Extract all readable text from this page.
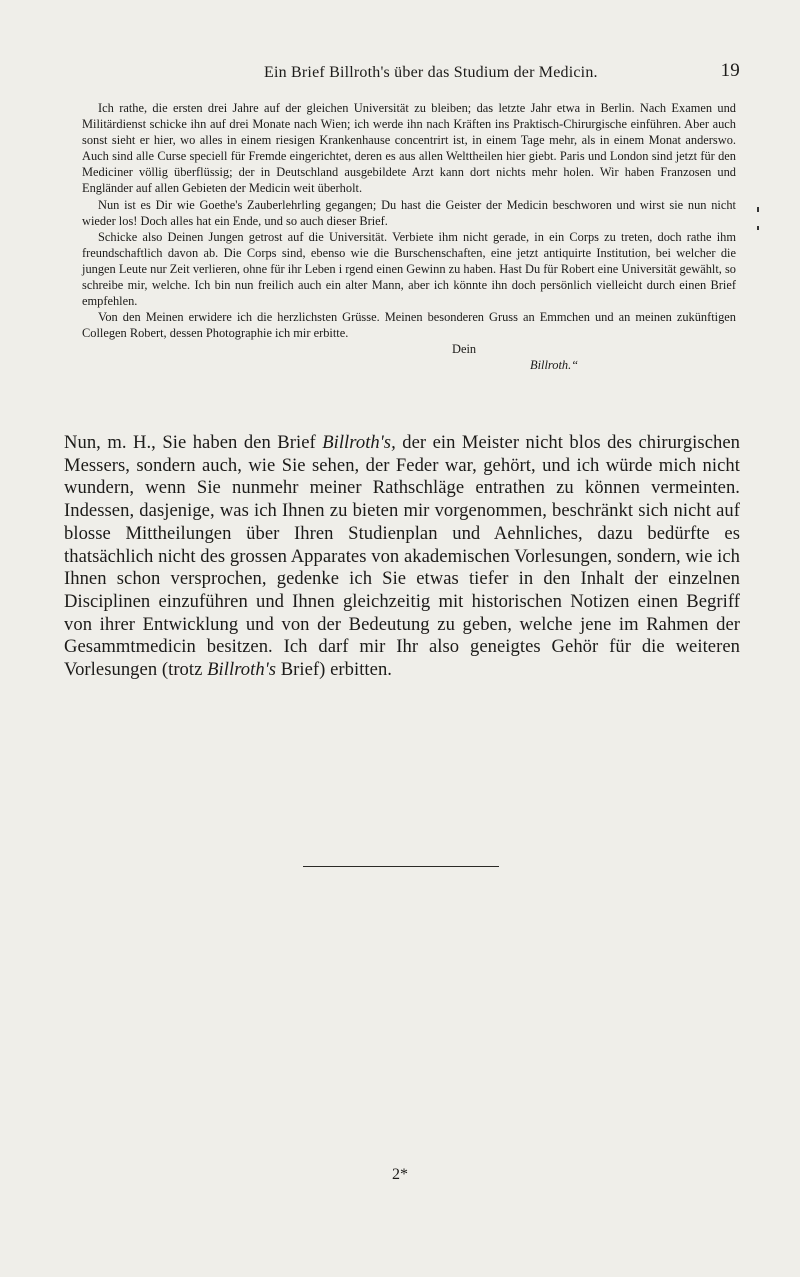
Ein Brief Billroth's über das Studium der Medicin.	19

Ich rathe, die ersten drei Jahre auf der gleichen Universität zu bleiben; das letzte Jahr etwa in Berlin. Nach Examen und Militärdienst schicke ihn auf drei Monate nach Wien; ich werde ihn nach Kräften ins Praktisch-Chirurgische einführen. Aber auch sonst sieht er hier, wo alles in einem riesigen Krankenhause concentrirt ist, in einem Tage mehr, als in einem Monat anderswo. Auch sind alle Curse speciell für Fremde eingerichtet, deren es aus allen Welttheilen hier giebt. Paris und London sind jetzt für den Mediciner völlig überflüssig; der in Deutschland ausgebildete Arzt kann dort nichts mehr holen. Wir haben Franzosen und Engländer auf allen Gebieten der Medicin weit überholt.

Nun ist es Dir wie Goethe's Zauberlehrling gegangen; Du hast die Geister der Medicin beschworen und wirst sie nun nicht wieder los! Doch alles hat ein Ende, und so auch dieser Brief.

Schicke also Deinen Jungen getrost auf die Universität. Verbiete ihm nicht gerade, in ein Corps zu treten, doch rathe ihm freundschaftlich davon ab. Die Corps sind, ebenso wie die Burschenschaften, eine jetzt antiquirte Institution, bei welcher die jungen Leute nur Zeit verlieren, ohne für ihr Leben i rgend einen Gewinn zu haben. Hast Du für Robert eine Universität gewählt, so schreibe mir, welche. Ich bin nun freilich auch ein alter Mann, aber ich könnte ihn doch persönlich vielleicht durch einen Brief empfehlen.

Von den Meinen erwidere ich die herzlichsten Grüsse. Meinen besonderen Gruss an Emmchen und an meinen zukünftigen Collegen Robert, dessen Photographie ich mir erbitte.

Dein
Billroth.“

Nun, m. H., Sie haben den Brief Billroth's, der ein Meister nicht blos des chirurgischen Messers, sondern auch, wie Sie sehen, der Feder war, gehört, und ich würde mich nicht wundern, wenn Sie nunmehr meiner Rathschläge entrathen zu können vermeinten. Indessen, dasjenige, was ich Ihnen zu bieten mir vorgenommen, beschränkt sich nicht auf blosse Mittheilungen über Ihren Studienplan und Aehnliches, dazu bedürfte es thatsächlich nicht des grossen Apparates von akademischen Vorlesungen, sondern, wie ich Ihnen schon versprochen, gedenke ich Sie etwas tiefer in den Inhalt der einzelnen Disciplinen einzuführen und Ihnen gleichzeitig mit historischen Notizen einen Begriff von ihrer Entwicklung und von der Bedeutung zu geben, welche jene im Rahmen der Gesammtmedicin besitzen. Ich darf mir Ihr also geneigtes Gehör für die weiteren Vorlesungen (trotz Billroth's Brief) erbitten.

2*
